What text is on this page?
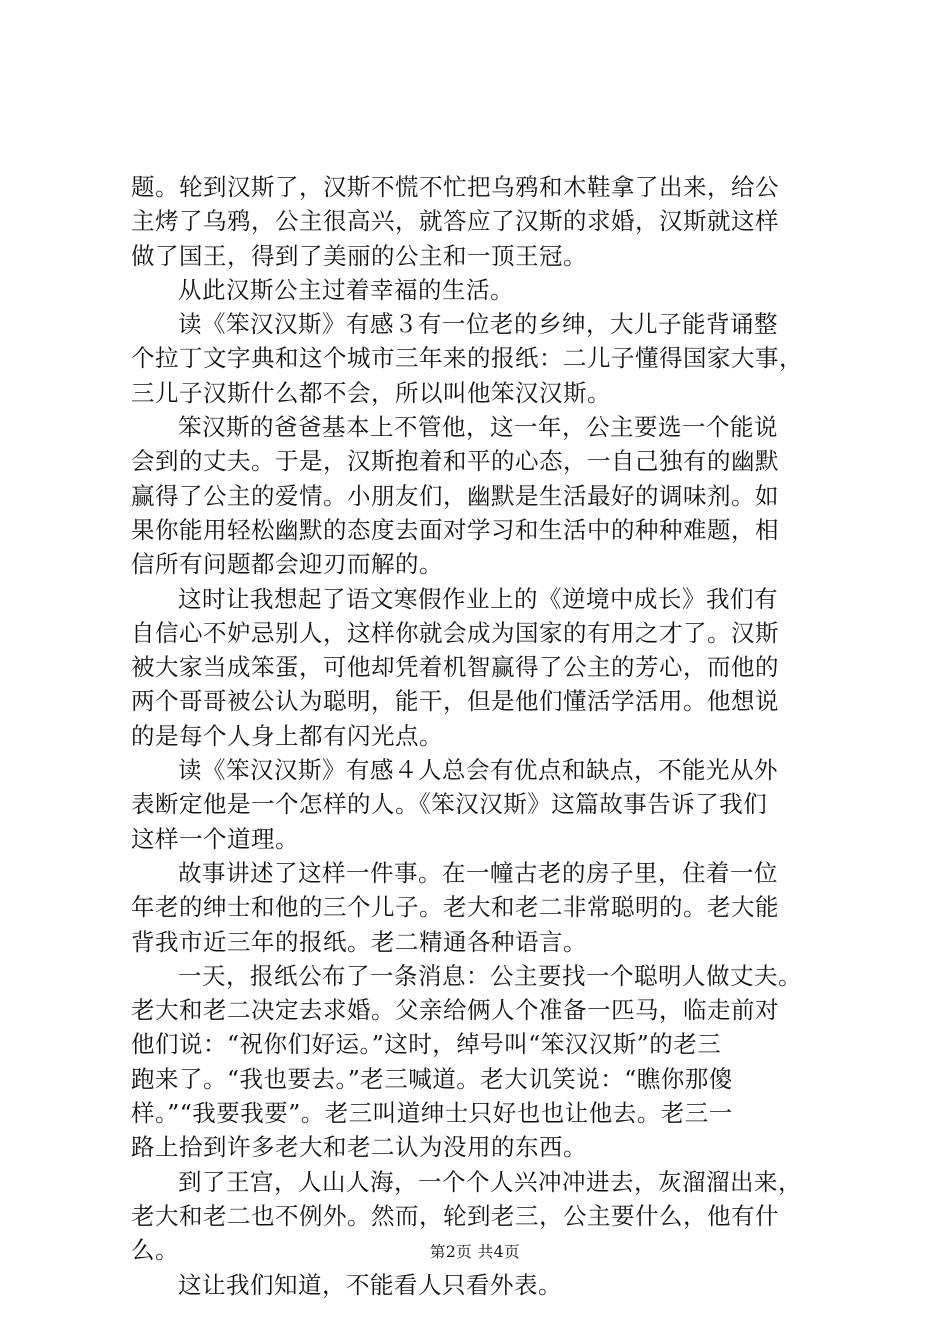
题。轮到汉斯了，汉斯不慌不忙把乌鸦和木鞋拿了出来，给公
主烤了乌鸦，公主很高兴，就答应了汉斯的求婚，汉斯就这样
做了国王，得到了美丽的公主和一顶王冠。
从此汉斯公主过着幸福的生活。
读《笨汉汉斯》有感３有一位老的乡绅，大儿子能背诵整
个拉丁文字典和这个城市三年来的报纸：二儿子懂得国家大事，
三儿子汉斯什么都不会，所以叫他笨汉汉斯。
笨汉斯的爸爸基本上不管他，这一年，公主要选一个能说
会到的丈夫。于是，汉斯抱着和平的心态，一自己独有的幽默
赢得了公主的爱情。小朋友们，幽默是生活最好的调味剂。如
果你能用轻松幽默的态度去面对学习和生活中的种种难题，相
信所有问题都会迎刃而解的。
这时让我想起了语文寒假作业上的《逆境中成长》我们有
自信心不妒忌别人，这样你就会成为国家的有用之才了。汉斯
被大家当成笨蛋，可他却凭着机智赢得了公主的芳心，而他的
两个哥哥被公认为聪明，能干，但是他们懂活学活用。他想说
的是每个人身上都有闪光点。
读《笨汉汉斯》有感４人总会有优点和缺点，不能光从外
表断定他是一个怎样的人。《笨汉汉斯》这篇故事告诉了我们
这样一个道理。
故事讲述了这样一件事。在一幢古老的房子里，住着一位
年老的绅士和他的三个儿子。老大和老二非常聪明的。老大能
背我市近三年的报纸。老二精通各种语言。
一天，报纸公布了一条消息：公主要找一个聪明人做丈夫。
老大和老二决定去求婚。父亲给俩人个准备一匹马，临走前对
他们说：“祝你们好运。”这时，绰号叫“笨汉汉斯”的老三
跑来了。“我也要去。”老三喊道。老大讥笑说：“瞧你那傻
样。”“我要我要”。老三叫道绅士只好也也让他去。老三一
路上拾到许多老大和老二认为没用的东西。
到了王宫，人山人海，一个个人兴冲冲进去，灰溜溜出来，
老大和老二也不例外。然而，轮到老三，公主要什么，他有什
么。
这让我们知道，不能看人只看外表。
第2页 共4页
